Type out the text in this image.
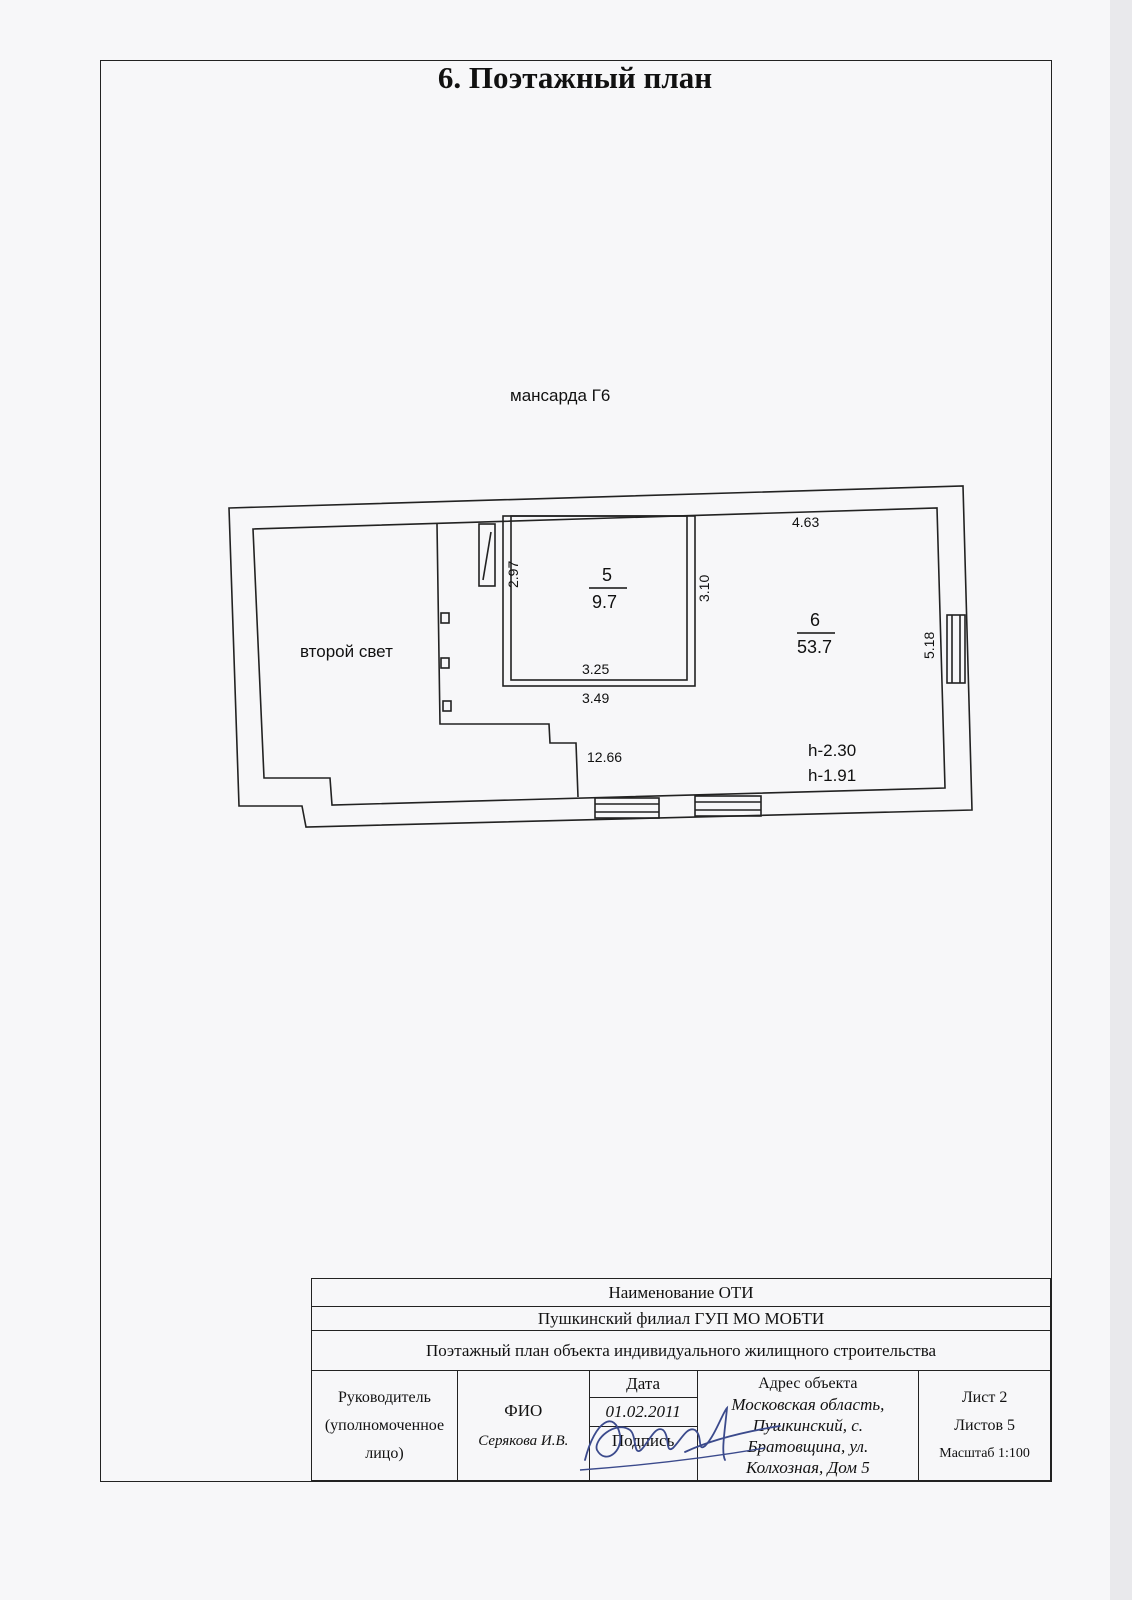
6. Поэтажный план
мансарда Г6
второй свет
5
9.7
6
53.7
4.63
2.97
3.10
3.25
3.49
5.18
12.66	h-2.30
h-1.91
Наименование ОТИ
Пушкинский филиал ГУП МО МОБТИ
Поэтажный план объекта индивидуального жилищного строительства

Руководитель
(уполномоченное
лицо)

ФИО
Серякова И.В.

Дата
01.02.2011
Подпись

Адрес объекта
Московская область,
Пушкинский, с.
Братовщина, ул.
Колхозная, Дом 5

Лист 2
Листов 5
Масштаб 1:100
